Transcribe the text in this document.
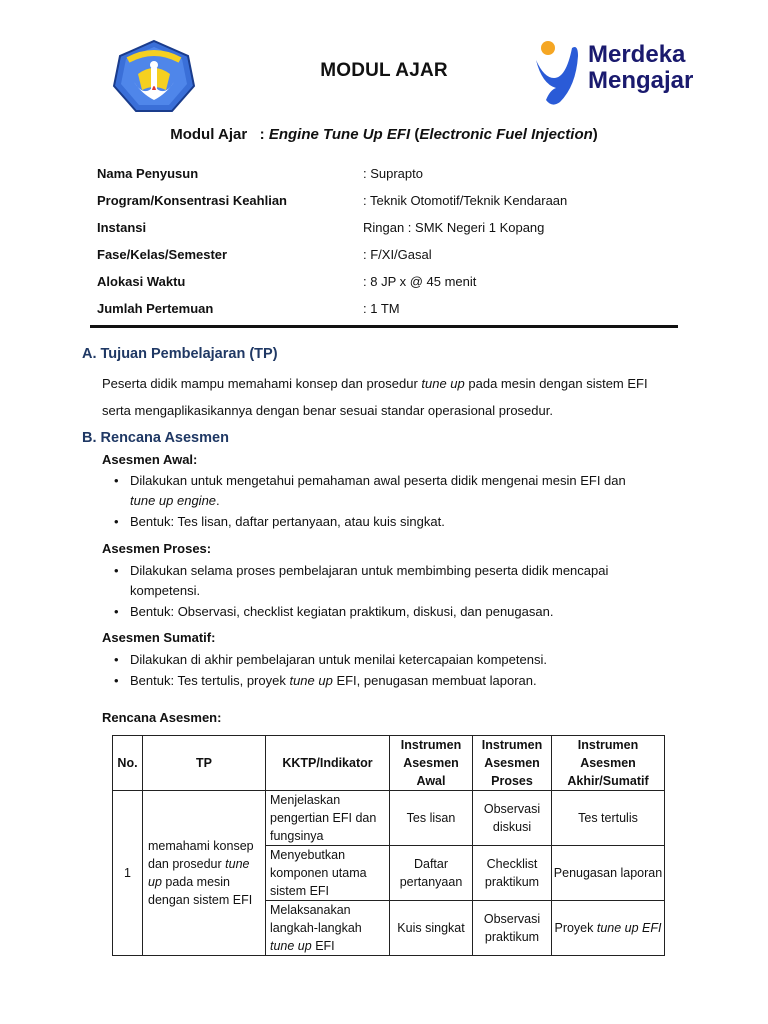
MODUL AJAR
Merdeka
Mengajar
Modul Ajar   : Engine Tune Up EFI (Electronic Fuel Injection)
Nama Penyusun	: Suprapto
Program/Konsentrasi Keahlian	: Teknik Otomotif/Teknik Kendaraan
Instansi	Ringan : SMK Negeri 1 Kopang
Fase/Kelas/Semester	: F/XI/Gasal
Alokasi Waktu	: 8 JP x @ 45 menit
Jumlah Pertemuan	: 1 TM
A. Tujuan Pembelajaran (TP)
Peserta didik mampu memahami konsep dan prosedur tune up pada mesin dengan sistem EFI
serta mengaplikasikannya dengan benar sesuai standar operasional prosedur.
B. Rencana Asesmen
Asesmen Awal:
• Dilakukan untuk mengetahui pemahaman awal peserta didik mengenai mesin EFI dan
tune up engine.
• Bentuk: Tes lisan, daftar pertanyaan, atau kuis singkat.
Asesmen Proses:
• Dilakukan selama proses pembelajaran untuk membimbing peserta didik mencapai kompetensi.
• Bentuk: Observasi, checklist kegiatan praktikum, diskusi, dan penugasan.
Asesmen Sumatif:
• Dilakukan di akhir pembelajaran untuk menilai ketercapaian kompetensi.
• Bentuk: Tes tertulis, proyek tune up EFI, penugasan membuat laporan.
Rencana Asesmen:
No.	TP	KKTP/Indikator	Instrumen Asesmen Awal	Instrumen Asesmen Proses	Instrumen Asesmen Akhir/Sumatif
1	memahami konsep dan prosedur tune up pada mesin dengan sistem EFI	Menjelaskan pengertian EFI dan fungsinya	Tes lisan	Observasi diskusi	Tes tertulis
		Menyebutkan komponen utama sistem EFI	Daftar pertanyaan	Checklist praktikum	Penugasan laporan
		Melaksanakan langkah-langkah tune up EFI	Kuis singkat	Observasi praktikum	Proyek tune up EFI
